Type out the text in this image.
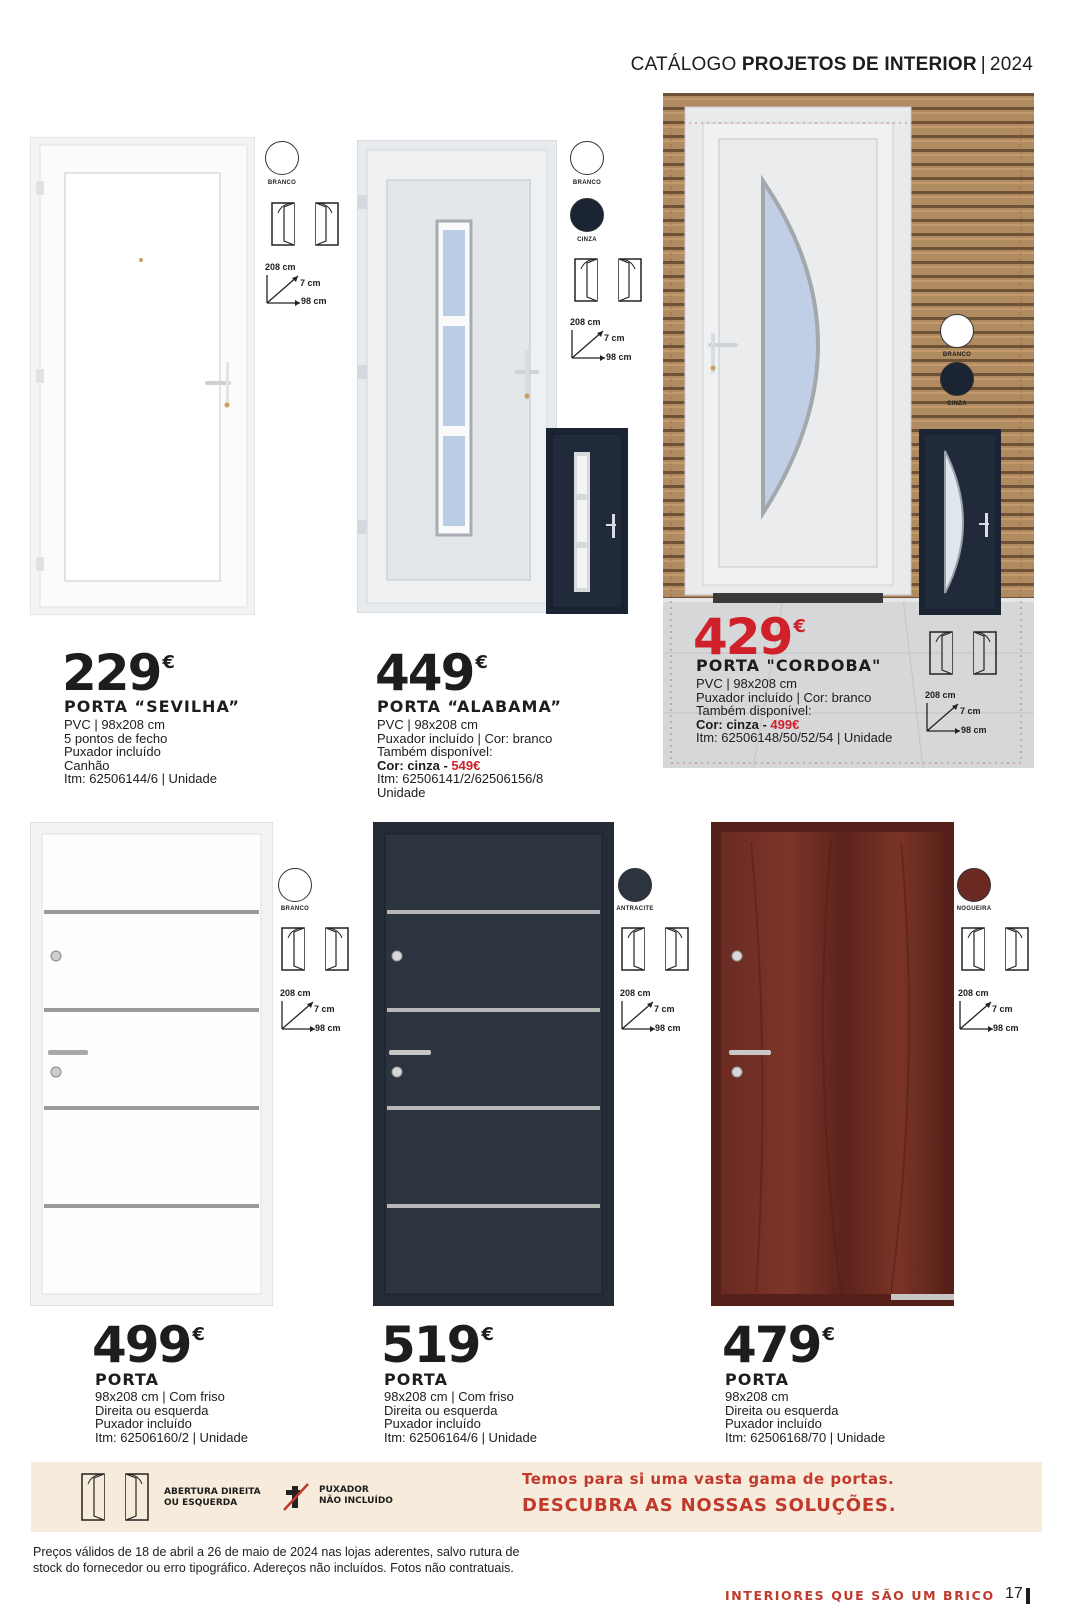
CATÁLOGO PROJETOS DE INTERIOR | 2024
BRANCO
208 cm
7 cm
98 cm
229 €
PORTA “SEVILHA”
PVC | 98x208 cm
5 pontos de fecho
Puxador incluído
Canhão
Itm: 62506144/6 | Unidade
BRANCO
CINZA
208 cm
7 cm
98 cm
449 €
PORTA “ALABAMA”
PVC | 98x208 cm
Puxador incluído | Cor: branco
Também disponível:
Cor: cinza - 549€
Itm: 62506141/2/62506156/8
Unidade
BRANCO
CINZA
429 €
PORTA "CORDOBA"
PVC | 98x208 cm
Puxador incluído | Cor: branco
Também disponível:
Cor: cinza - 499€
Itm: 62506148/50/52/54 | Unidade
208 cm
7 cm
98 cm
BRANCO
208 cm
7 cm
98 cm
499 €
PORTA
98x208 cm | Com friso
Direita ou esquerda
Puxador incluído
Itm: 62506160/2 | Unidade
ANTRACITE
208 cm
7 cm
98 cm
519 €
PORTA
98x208 cm | Com friso
Direita ou esquerda
Puxador incluído
Itm: 62506164/6 | Unidade
NOGUEIRA
208 cm
7 cm
98 cm
479 €
PORTA
98x208 cm
Direita ou esquerda
Puxador incluído
Itm: 62506168/70 | Unidade
ABERTURA DIREITA
OU ESQUERDA
PUXADOR
NÃO INCLUÍDO
Temos para si uma vasta gama de portas.
DESCUBRA AS NOSSAS SOLUÇÕES.
Preços válidos de 18 de abril a 26 de maio de 2024 nas lojas aderentes, salvo rutura de
stock do fornecedor ou erro tipográfico. Adereços não incluídos. Fotos não contratuais.
INTERIORES QUE SÃO UM BRICO 17
